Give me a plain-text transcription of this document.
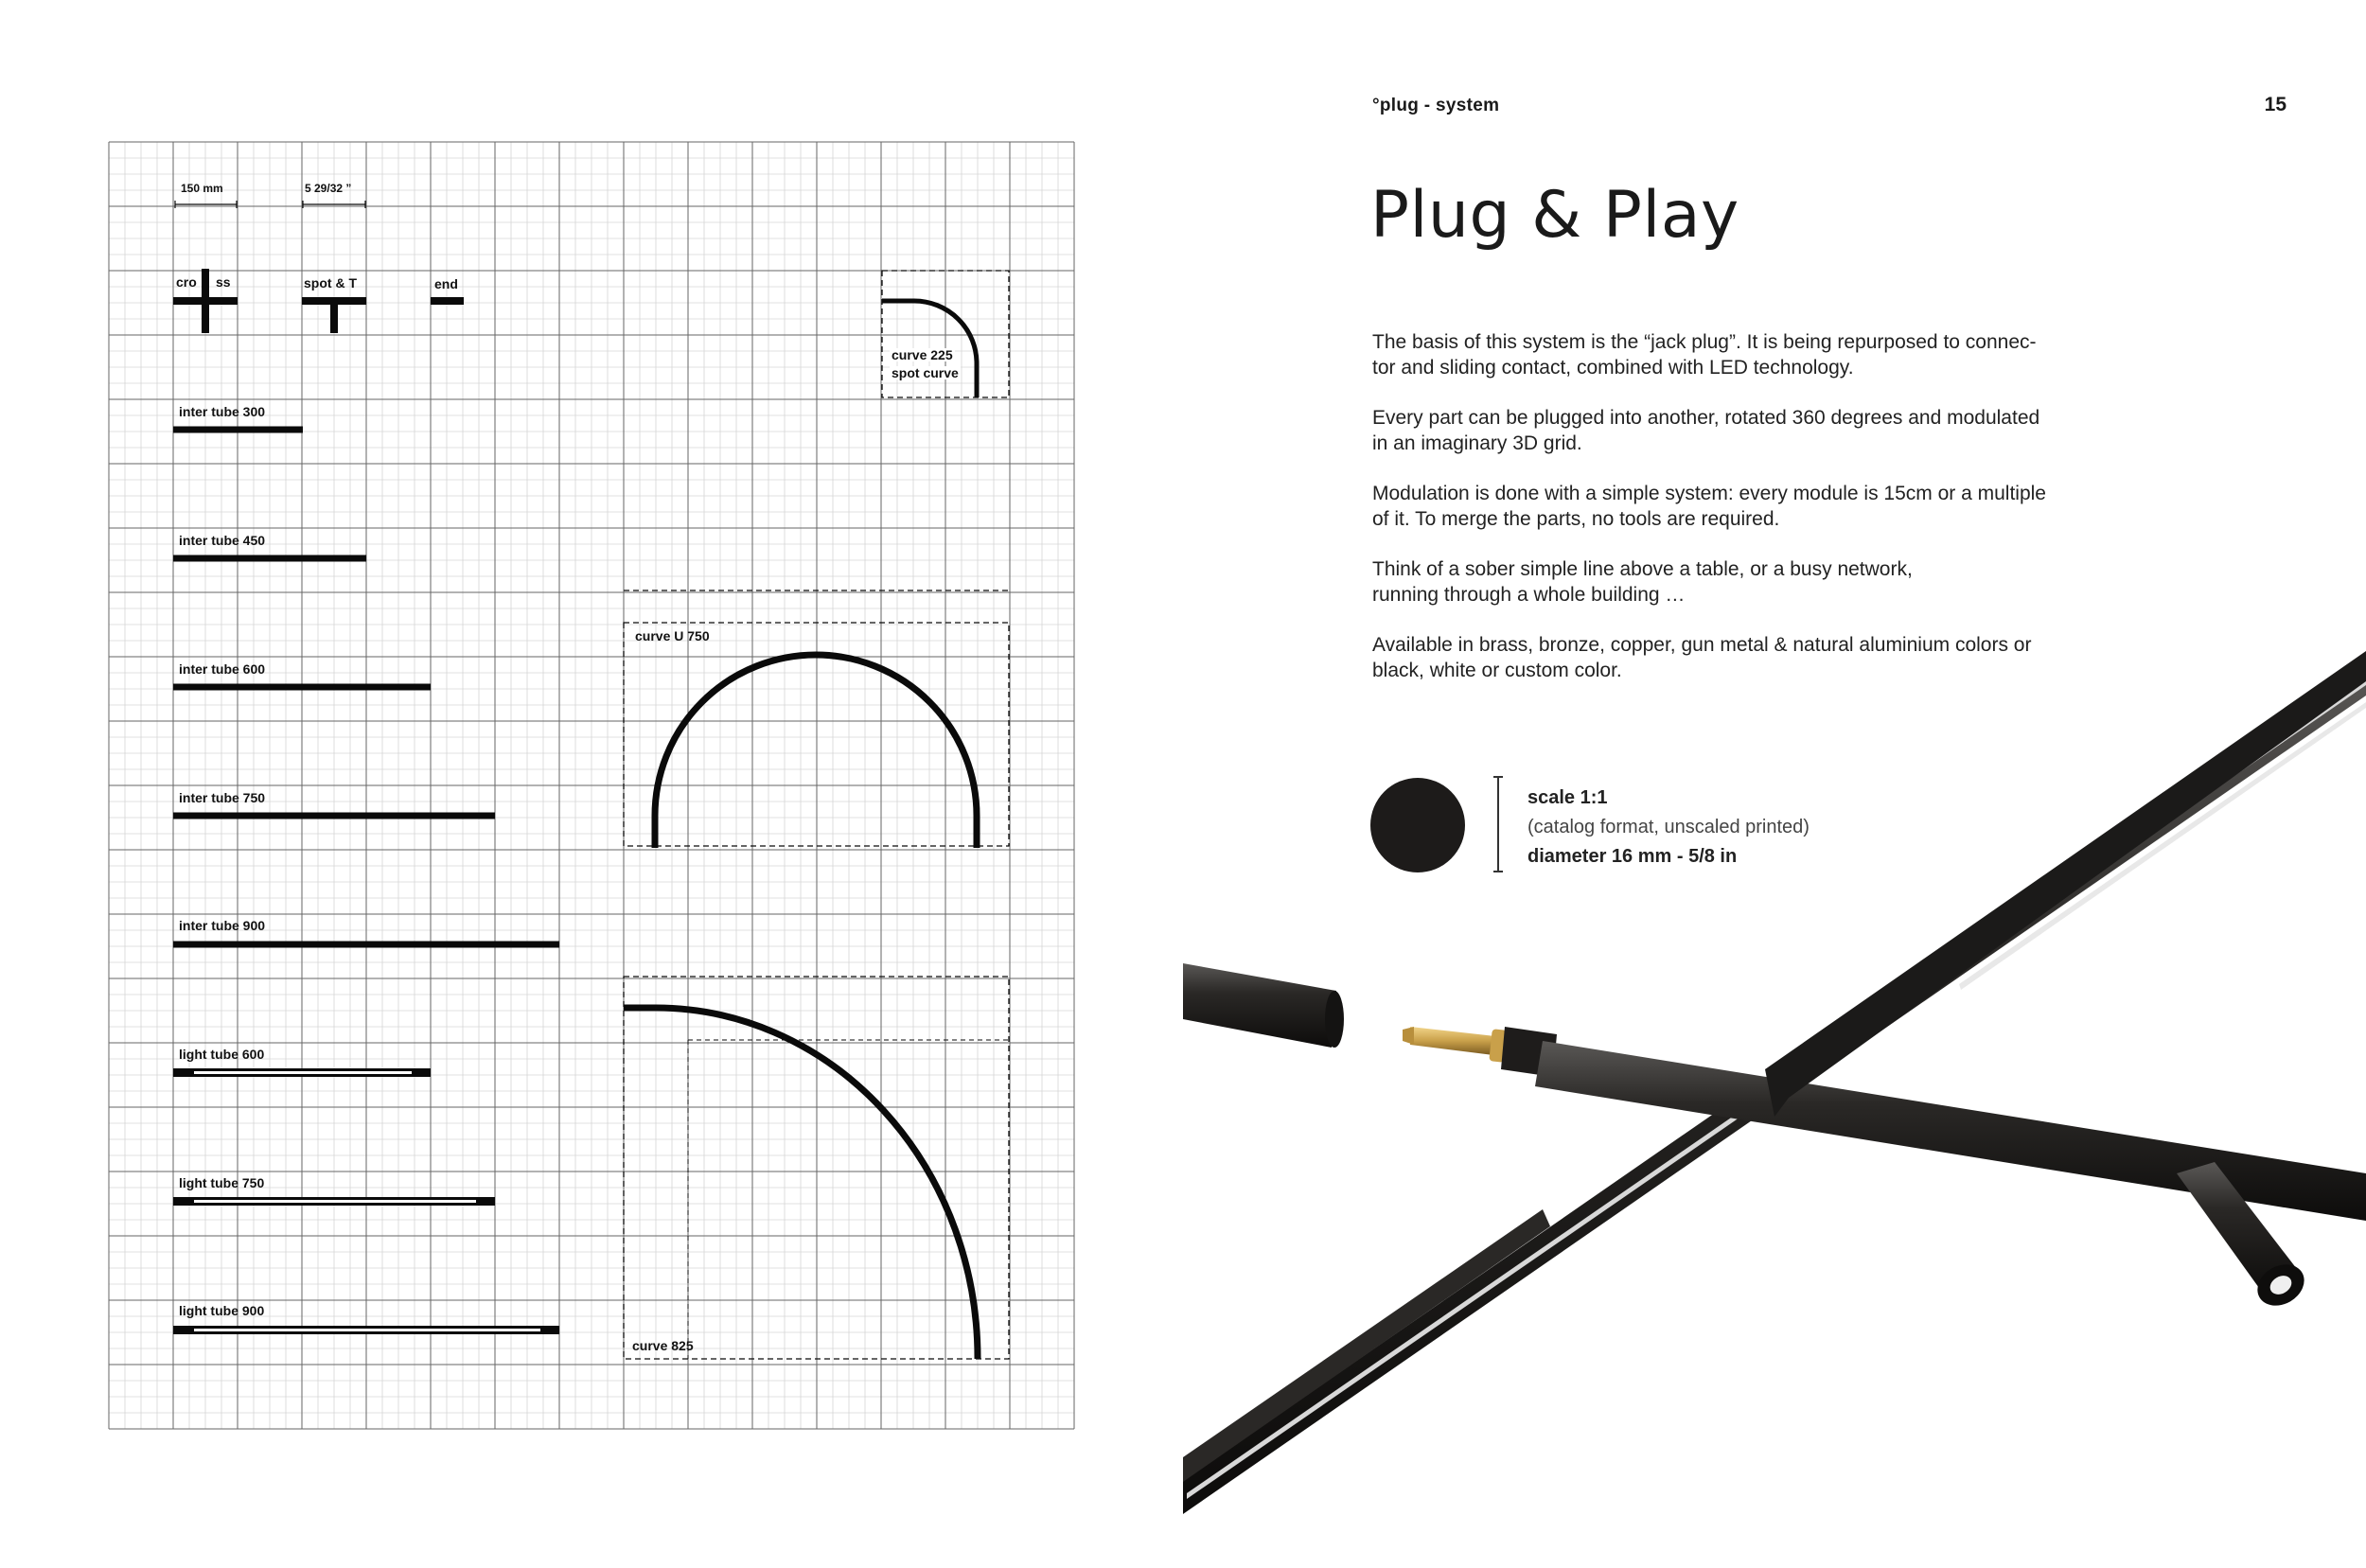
150 mm	5 29/32 ”
cro ss	spot & T	end
curve 225
spot curve
inter tube 300
inter tube 450
inter tube 600
inter tube 750
inter tube 900
light tube 600
light tube 750
light tube 900
curve U 750
curve 825
°plug - system	15
Plug & Play

The basis of this system is the “jack plug”. It is being repurposed to connec-
tor and sliding contact, combined with LED technology.

Every part can be plugged into another, rotated 360 degrees and modulated
in an imaginary 3D grid.

Modulation is done with a simple system: every module is 15cm or a multiple
of it. To merge the parts, no tools are required.

Think of a sober simple line above a table, or a busy network,
running through a whole building …

Available in brass, bronze, copper, gun metal & natural aluminium colors or
black, white or custom color.

scale 1:1
(catalog format, unscaled printed)
diameter 16 mm - 5/8 in
